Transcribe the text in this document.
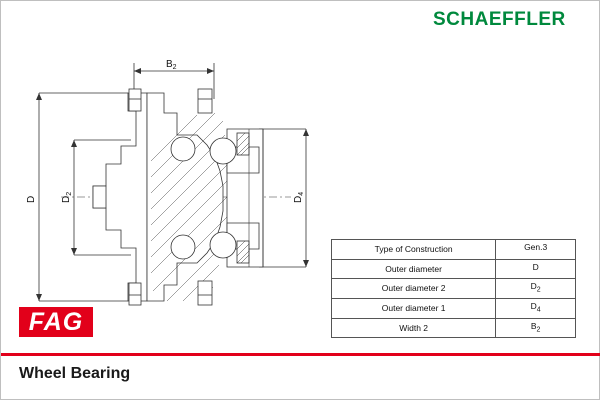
SCHAEFFLER
$B_2$
D $D_2$
$D_4$
Type of Construction	Gen.3
Outer diameter	D
Outer diameter 2	$D_2$
Outer diameter 1	$D_4$
Width 2	$B_2$
FAG
Wheel Bearing
